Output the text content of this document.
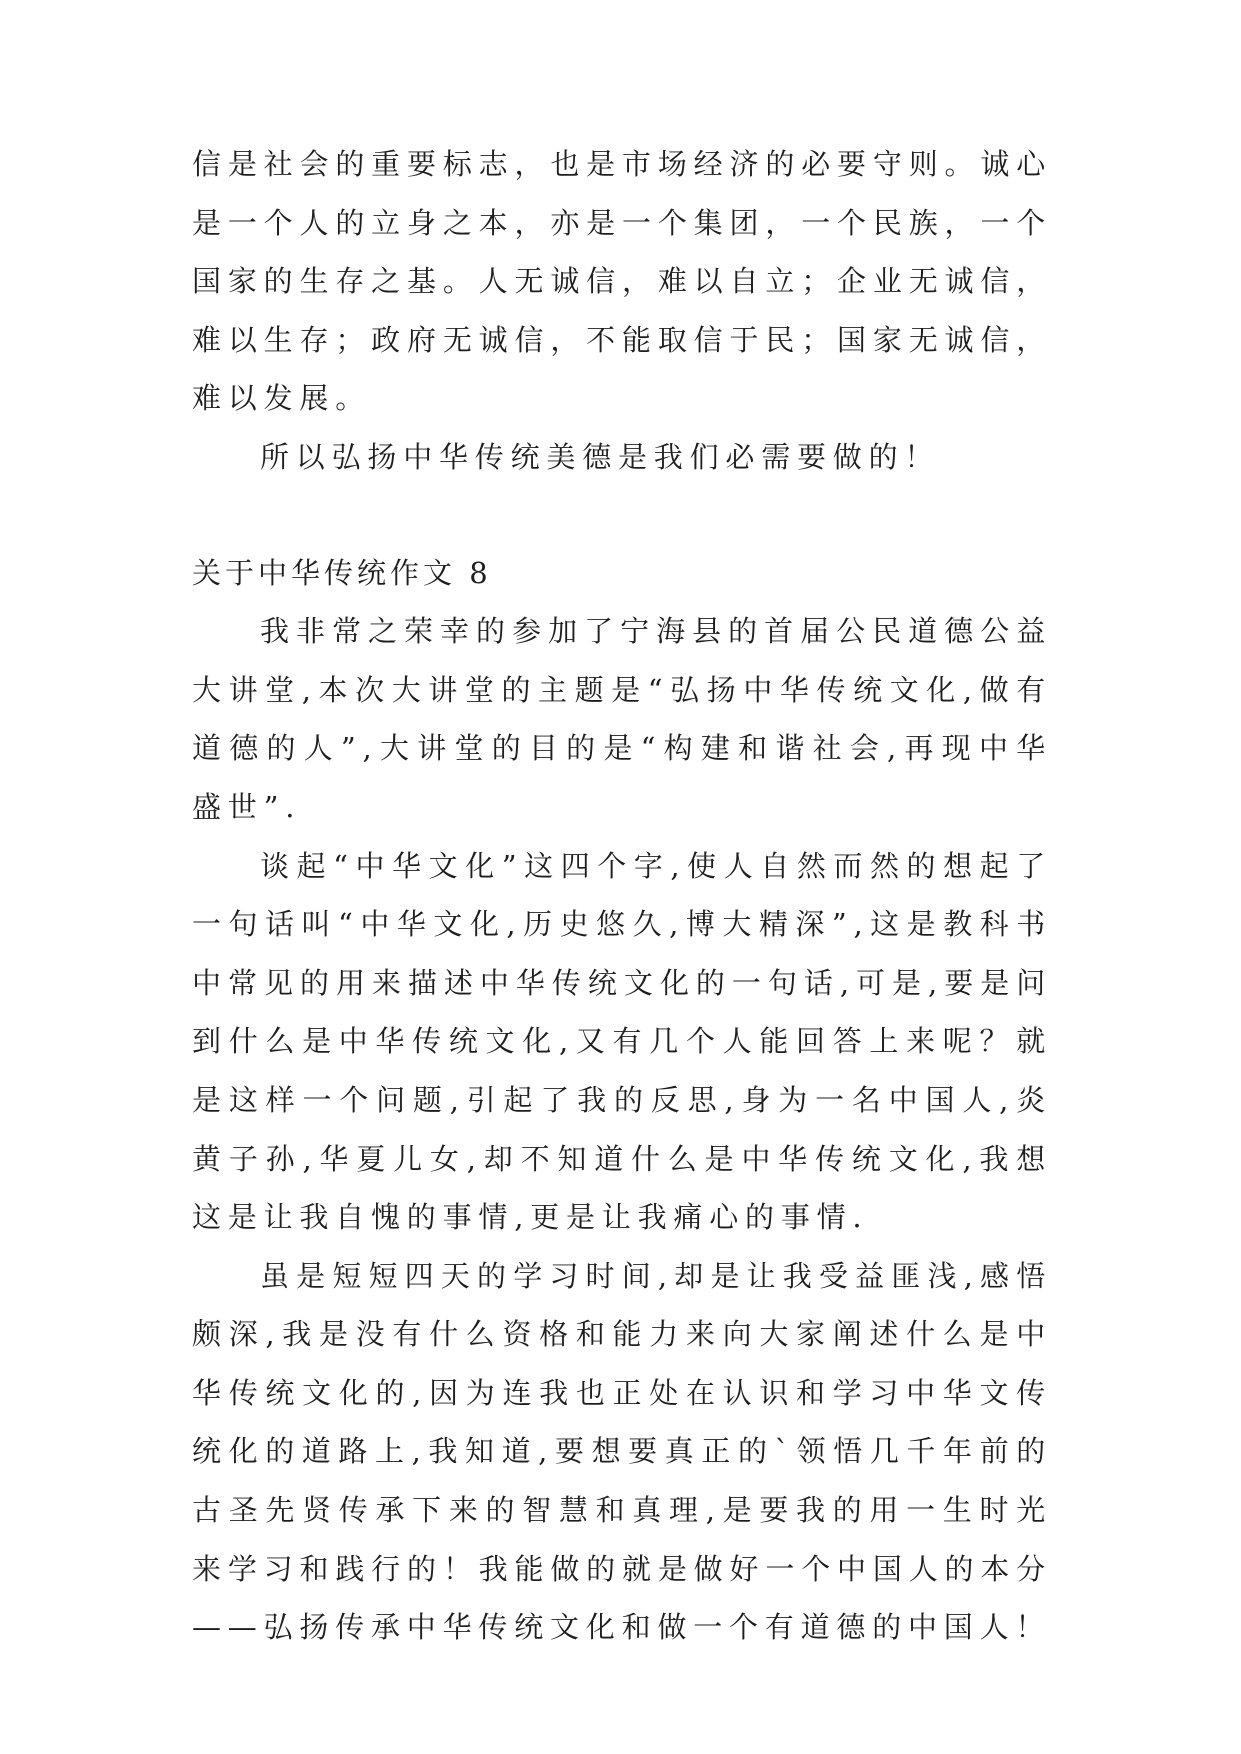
信是社会的重要标志，也是市场经济的必要守则。诚心是一个人的立身之本，亦是一个集团，一个民族，一个国家的生存之基。人无诚信，难以自立；企业无诚信，难以生存；政府无诚信，不能取信于民；国家无诚信，难以发展。

所以弘扬中华传统美德是我们必需要做的！

关于中华传统作文 8

我非常之荣幸的参加了宁海县的首届公民道德公益大讲堂,本次大讲堂的主题是“弘扬中华传统文化,做有道德的人”,大讲堂的目的是“构建和谐社会,再现中华盛世”.

谈起“中华文化”这四个字,使人自然而然的想起了一句话叫“中华文化,历史悠久,博大精深”,这是教科书中常见的用来描述中华传统文化的一句话,可是,要是问到什么是中华传统文化,又有几个人能回答上来呢？就是这样一个问题,引起了我的反思,身为一名中国人,炎黄子孙,华夏儿女,却不知道什么是中华传统文化,我想这是让我自愧的事情,更是让我痛心的事情.

虽是短短四天的学习时间,却是让我受益匪浅,感悟颇深,我是没有什么资格和能力来向大家阐述什么是中华传统文化的,因为连我也正处在认识和学习中华文传统化的道路上,我知道,要想要真正的`领悟几千年前的古圣先贤传承下来的智慧和真理,是要我的用一生时光来学习和践行的！我能做的就是做好一个中国人的本分——弘扬传承中华传统文化和做一个有道德的中国人！
